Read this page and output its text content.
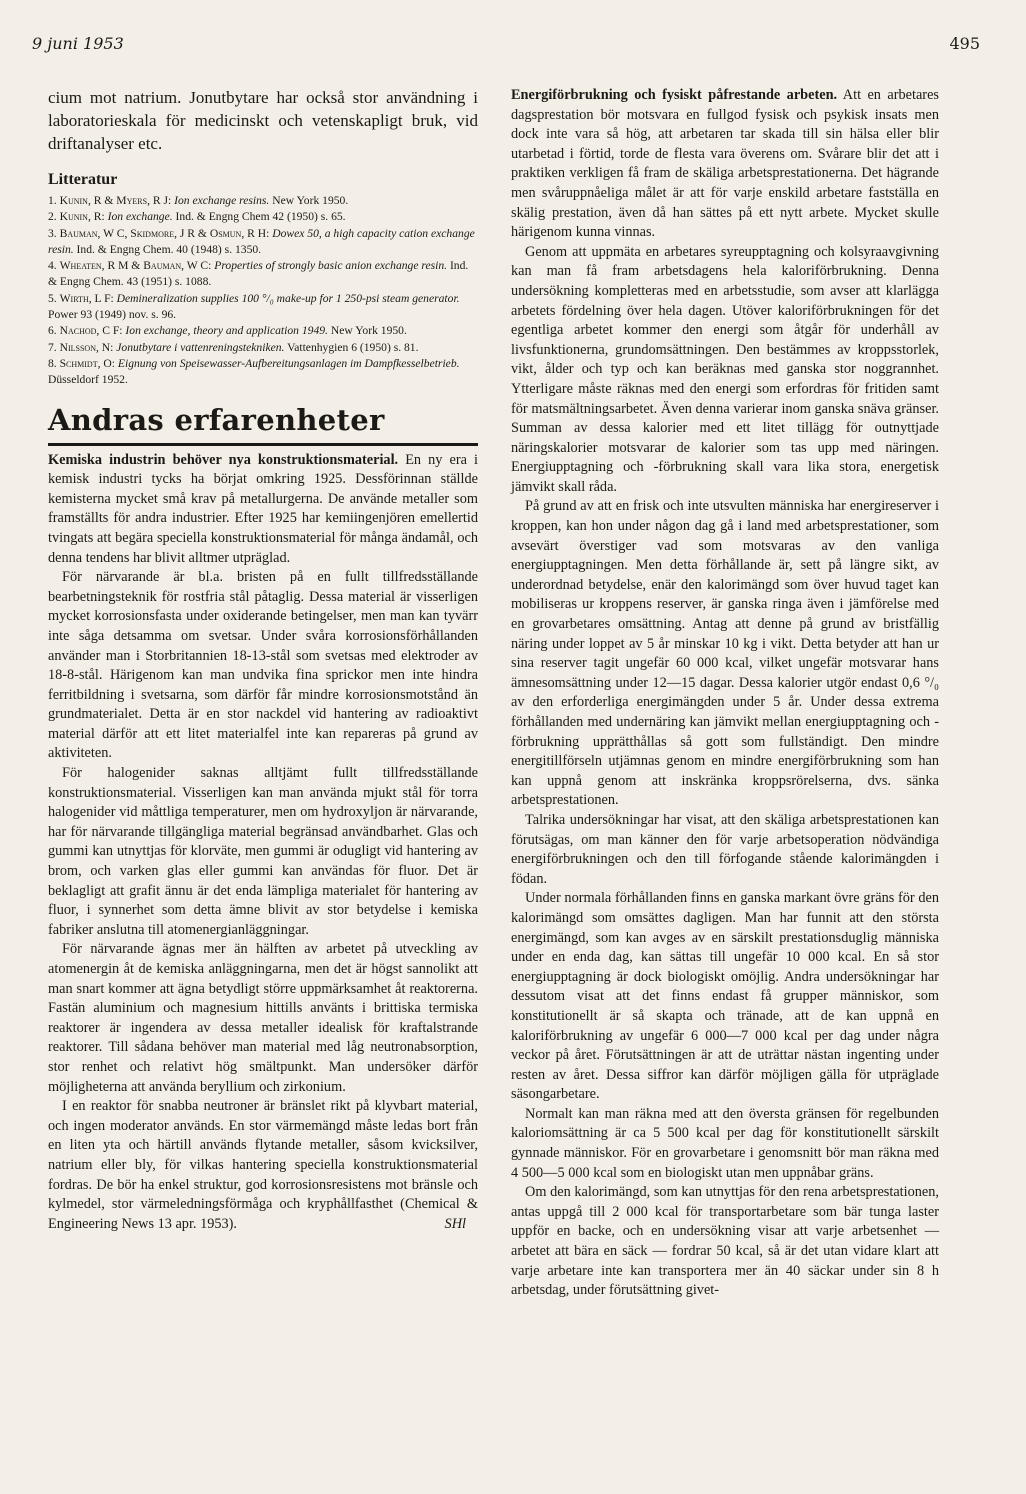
9 juni 1953	495

cium mot natrium. Jonutbytare har också stor användning i laboratorieskala för medicinskt och vetenskapligt bruk, vid driftanalyser etc.

Litteratur

1. Kunin, R & Myers, R J: Ion exchange resins. New York 1950.

2. Kunin, R: Ion exchange. Ind. & Engng Chem 42 (1950) s. 65.

3. Bauman, W C, Skidmore, J R & Osmun, R H: Dowex 50, a high capacity cation exchange resin. Ind. & Engng Chem. 40 (1948) s. 1350.

4. Wheaten, R M & Bauman, W C: Properties of strongly basic anion exchange resin. Ind. & Engng Chem. 43 (1951) s. 1088.

5. Wirth, L F: Demineralization supplies 100 °/₀ make-up for 1 250-psi steam generator. Power 93 (1949) nov. s. 96.

6. Nachod, C F: Ion exchange, theory and application 1949. New York 1950.

7. Nilsson, N: Jonutbytare i vattenreningstekniken. Vattenhygien 6 (1950) s. 81.

8. Schmidt, O: Eignung von Speisewasser-Aufbereitungsanlagen im Dampfkesselbetrieb. Düsseldorf 1952.

Andras erfarenheter

Kemiska industrin behöver nya konstruktionsmaterial. En ny era i kemisk industri tycks ha börjat omkring 1925. Dessförinnan ställde kemisterna mycket små krav på metallurgerna. De använde metaller som framställts för andra industrier. Efter 1925 har kemiingenjören emellertid tvingats att begära speciella konstruktionsmaterial för många ändamål, och denna tendens har blivit alltmer utpräglad.

För närvarande är bl.a. bristen på en fullt tillfredsställande bearbetningsteknik för rostfria stål påtaglig. Dessa material är visserligen mycket korrosionsfasta under oxiderande betingelser, men man kan tyvärr inte såga detsamma om svetsar. Under svåra korrosionsförhållanden använder man i Storbritannien 18-13-stål som svetsas med elektroder av 18-8-stål. Härigenom kan man undvika fina sprickor men inte hindra ferritbildning i svetsarna, som därför får mindre korrosionsmotstånd än grundmaterialet. Detta är en stor nackdel vid hantering av radioaktivt material därför att ett litet materialfel inte kan repareras på grund av aktiviteten.

För halogenider saknas alltjämt fullt tillfredsställande konstruktionsmaterial. Visserligen kan man använda mjukt stål för torra halogenider vid måttliga temperaturer, men om hydroxyljon är närvarande, har för närvarande tillgängliga material begränsad användbarhet. Glas och gummi kan utnyttjas för klorväte, men gummi är odugligt vid hantering av brom, och varken glas eller gummi kan användas för fluor. Det är beklagligt att grafit ännu är det enda lämpliga materialet för hantering av fluor, i synnerhet som detta ämne blivit av stor betydelse i kemiska fabriker anslutna till atomenergianläggningar.

För närvarande ägnas mer än hälften av arbetet på utveckling av atomenergin åt de kemiska anläggningarna, men det är högst sannolikt att man snart kommer att ägna betydligt större uppmärksamhet åt reaktorerna. Fastän aluminium och magnesium hittills använts i brittiska termiska reaktorer är ingendera av dessa metaller idealisk för kraftalstrande reaktorer. Till sådana behöver man material med låg neutronabsorption, stor renhet och relativt hög smältpunkt. Man undersöker därför möjligheterna att använda beryllium och zirkonium.

I en reaktor för snabba neutroner är bränslet rikt på klyvbart material, och ingen moderator används. En stor värmemängd måste ledas bort från en liten yta och härtill används flytande metaller, såsom kvicksilver, natrium eller bly, för vilkas hantering speciella konstruktionsmaterial fordras. De bör ha enkel struktur, god korrosionsresistens mot bränsle och kylmedel, stor värmeledningsförmåga och kryphållfasthet (Chemical & Engineering News 13 apr. 1953).	SHl

Energiförbrukning och fysiskt påfrestande arbeten. Att en arbetares dagsprestation bör motsvara en fullgod fysisk och psykisk insats men dock inte vara så hög, att arbetaren tar skada till sin hälsa eller blir utarbetad i förtid, torde de flesta vara överens om. Svårare blir det att i praktiken verkligen få fram de skäliga arbetsprestationerna. Det hägrande men svåruppnåeliga målet är att för varje enskild arbetare fastställa en skälig prestation, även då han sättes på ett nytt arbete. Mycket skulle härigenom kunna vinnas.

Genom att uppmäta en arbetares syreupptagning och kolsyraavgivning kan man få fram arbetsdagens hela kaloriförbrukning. Denna undersökning kompletteras med en arbetsstudie, som avser att klarlägga arbetets fördelning över hela dagen. Utöver kaloriförbrukningen för det egentliga arbetet kommer den energi som åtgår för underhåll av livsfunktionerna, grundomsättningen. Den bestämmes av kroppsstorlek, vikt, ålder och typ och kan beräknas med ganska stor noggrannhet. Ytterligare måste räknas med den energi som erfordras för fritiden samt för matsmältningsarbetet. Även denna varierar inom ganska snäva gränser. Summan av dessa kalorier med ett litet tillägg för outnyttjade näringskalorier motsvarar de kalorier som tas upp med näringen. Energiupptagning och -förbrukning skall vara lika stora, energetisk jämvikt skall råda.

På grund av att en frisk och inte utsvulten människa har energireserver i kroppen, kan hon under någon dag gå i land med arbetsprestationer, som avsevärt överstiger vad som motsvaras av den vanliga energiupptagningen. Men detta förhållande är, sett på längre sikt, av underordnad betydelse, enär den kalorimängd som över huvud taget kan mobiliseras ur kroppens reserver, är ganska ringa även i jämförelse med en grovarbetares omsättning. Antag att denne på grund av bristfällig näring under loppet av 5 år minskar 10 kg i vikt. Detta betyder att han ur sina reserver tagit ungefär 60 000 kcal, vilket ungefär motsvarar hans ämnesomsättning under 12—15 dagar. Dessa kalorier utgör endast 0,6 °/₀ av den erforderliga energimängden under 5 år. Under dessa extrema förhållanden med undernäring kan jämvikt mellan energiupptagning och -förbrukning upprätthållas så gott som fullständigt. Den mindre energitillförseln utjämnas genom en mindre energiförbrukning som han kan uppnå genom att inskränka kroppsrörelserna, dvs. sänka arbetsprestationen.

Talrika undersökningar har visat, att den skäliga arbetsprestationen kan förutsägas, om man känner den för varje arbetsoperation nödvändiga energiförbrukningen och den till förfogande stående kalorimängden i födan.

Under normala förhållanden finns en ganska markant övre gräns för den kalorimängd som omsättes dagligen. Man har funnit att den största energimängd, som kan avges av en särskilt prestationsduglig människa under en enda dag, kan sättas till ungefär 10 000 kcal. En så stor energiupptagning är dock biologiskt omöjlig. Andra undersökningar har dessutom visat att det finns endast få grupper människor, som konstitutionellt är så skapta och tränade, att de kan uppnå en kaloriförbrukning av ungefär 6 000—7 000 kcal per dag under några veckor på året. Förutsättningen är att de uträttar nästan ingenting under resten av året. Dessa siffror kan därför möjligen gälla för utpräglade säsongarbetare.

Normalt kan man räkna med att den översta gränsen för regelbunden kaloriomsättning är ca 5 500 kcal per dag för konstitutionellt särskilt gynnade människor. För en grovarbetare i genomsnitt bör man räkna med 4 500—5 000 kcal som en biologiskt utan men uppnåbar gräns.

Om den kalorimängd, som kan utnyttjas för den rena arbetsprestationen, antas uppgå till 2 000 kcal för transportarbetare som bär tunga laster uppför en backe, och en undersökning visar att varje arbetsenhet — arbetet att bära en säck — fordrar 50 kcal, så är det utan vidare klart att varje arbetare inte kan transportera mer än 40 säckar under sin 8 h arbetsdag, under förutsättning givet-
